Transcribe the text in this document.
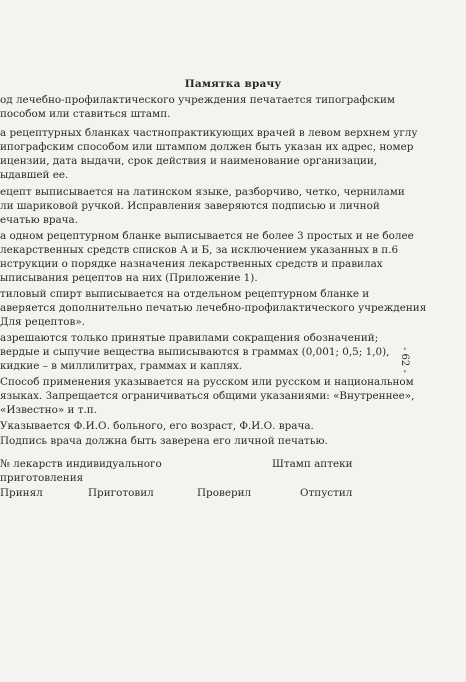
Памятка врачу
од лечебно-профилактического учреждения печатается типографским
пособом или ставиться штамп.
а рецептурных бланках частнопрактикующих врачей в левом верхнем углу
ипографским способом или штампом должен быть указан их адрес, номер
ицензии, дата выдачи, срок действия и наименование организации,
ыдавшей ее.
ецепт выписывается на латинском языке, разборчиво, четко, чернилами
ли шариковой ручкой. Исправления заверяются подписью и личной
ечатью врача.
а одном рецептурном бланке выписывается не более 3 простых и не более
лекарственных средств списков А и Б, за исключением указанных в п.6
нструкции о порядке назначения лекарственных средств и правилах
ыписывания рецептов на них (Приложение 1).
тиловый спирт выписывается на отдельном рецептурном бланке и
аверяется дополнительно печатью лечебно-профилактического учреждения
Для рецептов».
азрешаются только принятые правилами сокращения обозначений;
вердые и сыпучие вещества выписываются в граммах (0,001; 0,5; 1,0),
кидкие – в миллилитрах, граммах и каплях.
Способ применения указывается на русском или русском и национальном
языках. Запрещается ограничиваться общими указаниями: «Внутреннее»,
«Известно» и т.п.
Указывается Ф.И.О. больного, его возраст, Ф.И.О. врача.
Подпись врача должна быть заверена его личной печатью.
- 62 -
№ лекарств индивидуального
приготовления
Штамп аптеки
Принял	Приготовил	Проверил	Отпустил
